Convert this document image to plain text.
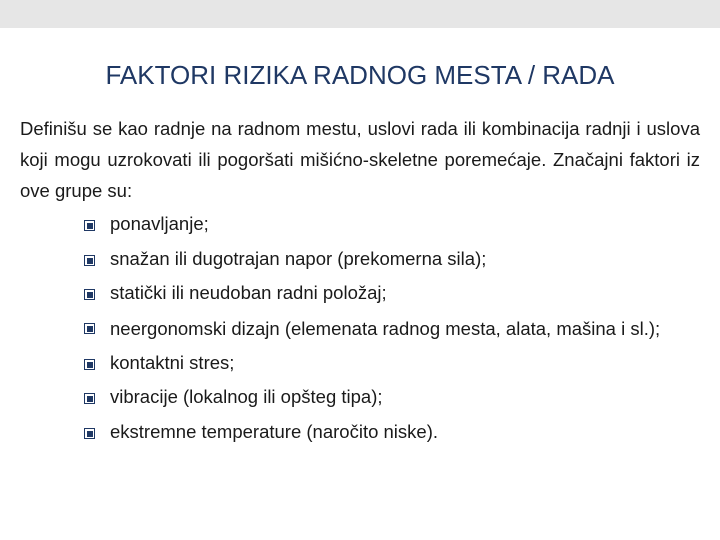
FAKTORI RIZIKA RADNOG MESTA / RADA

Definišu se kao radnje na radnom mestu, uslovi rada ili kombinacija radnji i uslova koji mogu uzrokovati ili pogoršati mišićno-skeletne poremećaje. Značajni faktori iz ove grupe su:

ponavljanje;
snažan ili dugotrajan napor (prekomerna sila);
statički ili neudoban radni položaj;
neergonomski dizajn (elemenata radnog mesta, alata, mašina i sl.);
kontaktni stres;
vibracije (lokalnog ili opšteg tipa);
ekstremne temperature (naročito niske).
